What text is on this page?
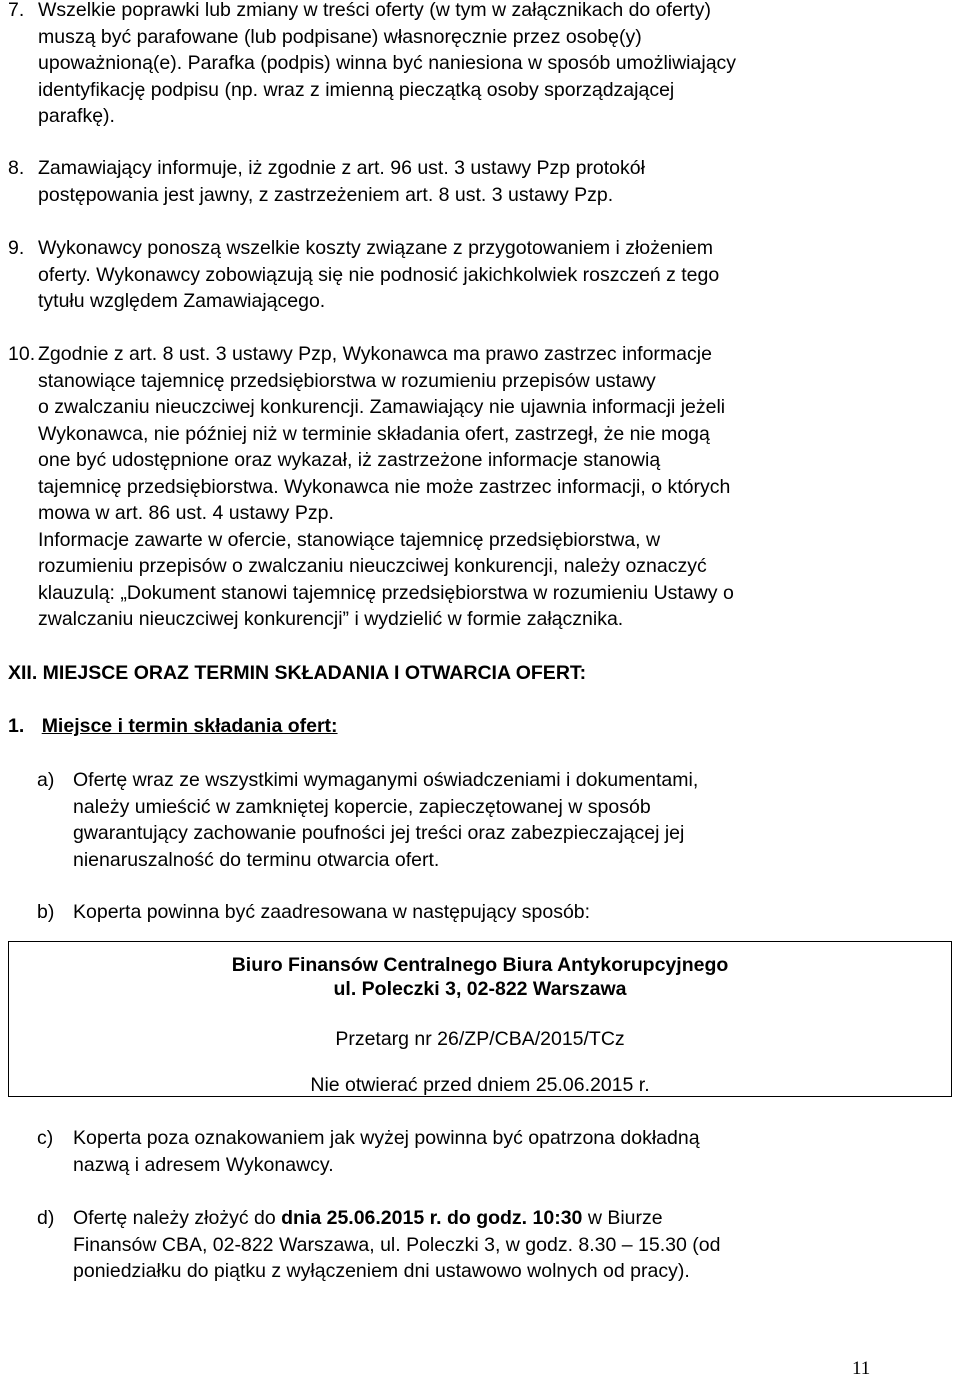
7. Wszelkie poprawki lub zmiany w treści oferty (w tym w załącznikach do oferty)

muszą być parafowane (lub podpisane) własnoręcznie przez osobę(y)

upoważnioną(e). Parafka (podpis) winna być naniesiona w sposób umożliwiający

identyfikację podpisu (np. wraz z imienną pieczątką osoby sporządzającej

parafkę).

8. Zamawiający informuje, iż zgodnie z art. 96 ust. 3 ustawy Pzp protokół

postępowania jest jawny, z zastrzeżeniem art. 8 ust. 3 ustawy Pzp.

9. Wykonawcy ponoszą wszelkie koszty związane z przygotowaniem i złożeniem

oferty. Wykonawcy zobowiązują się nie podnosić jakichkolwiek roszczeń z tego

tytułu względem Zamawiającego.

10. Zgodnie z art. 8 ust. 3 ustawy Pzp, Wykonawca ma prawo zastrzec informacje

stanowiące tajemnicę przedsiębiorstwa w rozumieniu przepisów ustawy

o zwalczaniu nieuczciwej konkurencji. Zamawiający nie ujawnia informacji jeżeli

Wykonawca, nie później niż w terminie składania ofert, zastrzegł, że nie mogą

one być udostępnione oraz wykazał, iż zastrzeżone informacje stanowią

tajemnicę przedsiębiorstwa. Wykonawca nie może zastrzec informacji, o których

mowa w art. 86 ust. 4 ustawy Pzp.

Informacje zawarte w ofercie, stanowiące tajemnicę przedsiębiorstwa, w

rozumieniu przepisów o zwalczaniu nieuczciwej konkurencji, należy oznaczyć

klauzulą: „Dokument stanowi tajemnicę przedsiębiorstwa w rozumieniu Ustawy o

zwalczaniu nieuczciwej konkurencji” i wydzielić w formie załącznika.

XII. MIEJSCE ORAZ TERMIN SKŁADANIA I OTWARCIA OFERT:
1. Miejsce i termin składania ofert:
a) Ofertę wraz ze wszystkimi wymaganymi oświadczeniami i dokumentami,

należy umieścić w zamkniętej kopercie, zapieczętowanej w sposób

gwarantujący zachowanie poufności jej treści oraz zabezpieczającej jej

nienaruszalność do terminu otwarcia ofert.

b) Koperta powinna być zaadresowana w następujący sposób:

Biuro Finansów Centralnego Biura Antykorupcyjnego
ul. Poleczki 3, 02-822 Warszawa
Przetarg nr 26/ZP/CBA/2015/TCz
Nie otwierać przed dniem 25.06.2015 r.
c) Koperta poza oznakowaniem jak wyżej powinna być opatrzona dokładną

nazwą i adresem Wykonawcy.

d) Ofertę należy złożyć do dnia 25.06.2015 r. do godz. 10:30 w Biurze

Finansów CBA, 02-822 Warszawa, ul. Poleczki 3, w godz. 8.30 – 15.30 (od

poniedziałku do piątku z wyłączeniem dni ustawowo wolnych od pracy).

11
